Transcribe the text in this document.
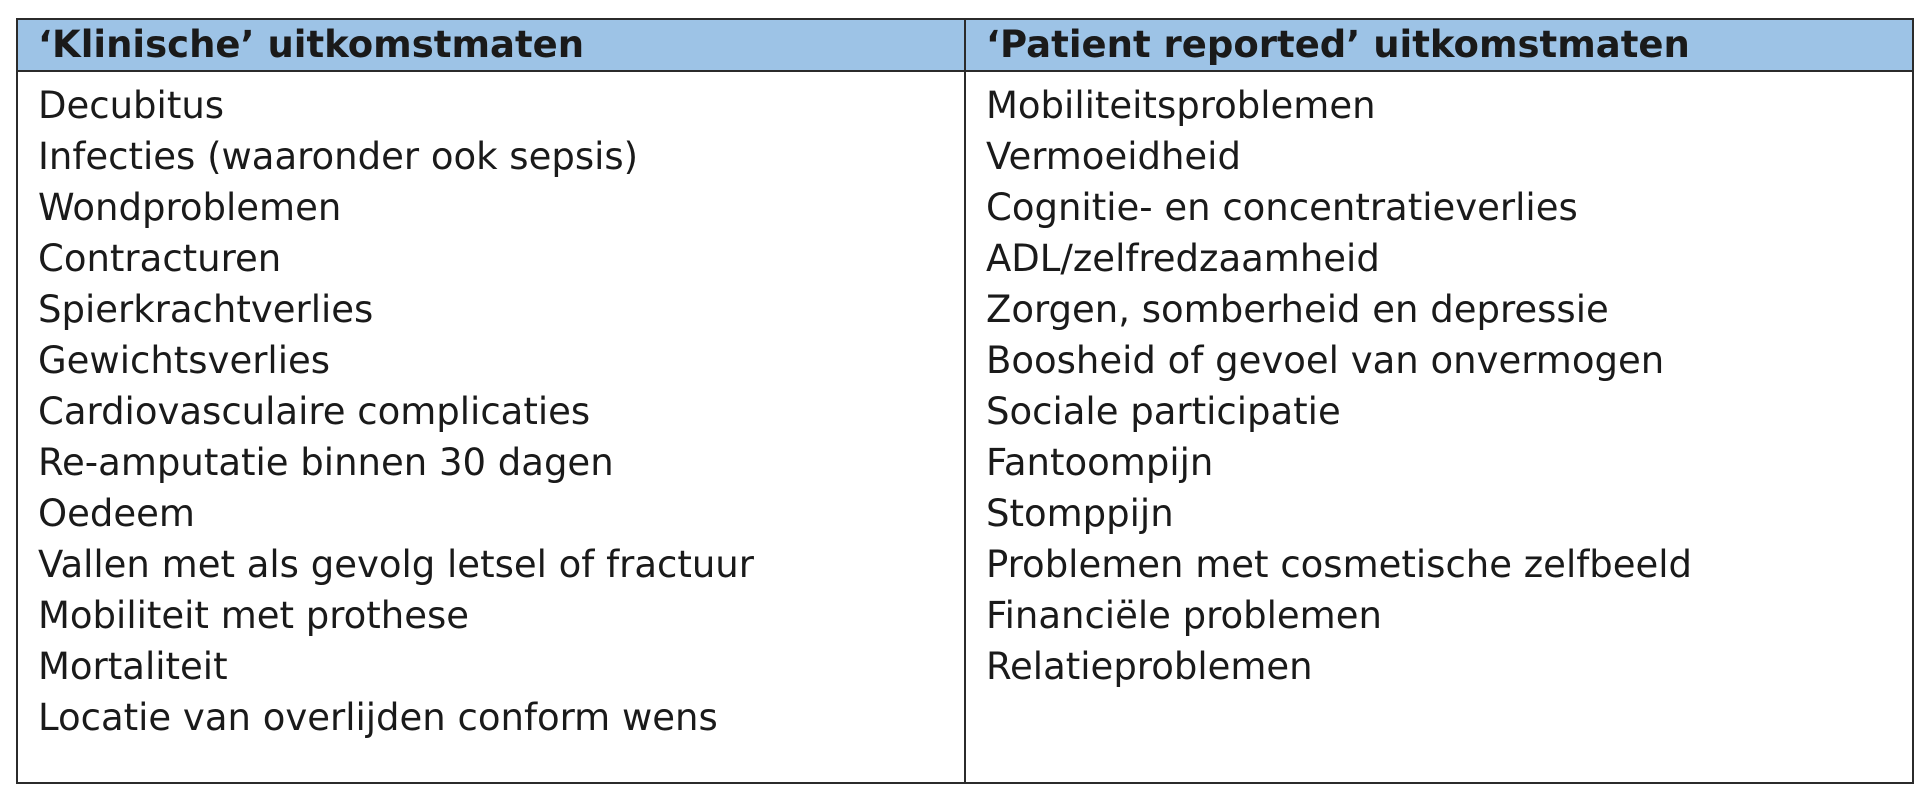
‘Klinische’ uitkomstmaten	‘Patient reported’ uitkomstmaten
Decubitus
Infecties (waaronder ook sepsis)
Wondproblemen
Contracturen
Spierkrachtverlies
Gewichtsverlies
Cardiovasculaire complicaties
Re-amputatie binnen 30 dagen
Oedeem
Vallen met als gevolg letsel of fractuur
Mobiliteit met prothese
Mortaliteit
Locatie van overlijden conform wens
Mobiliteitsproblemen
Vermoeidheid
Cognitie- en concentratieverlies
ADL/zelfredzaamheid
Zorgen, somberheid en depressie
Boosheid of gevoel van onvermogen
Sociale participatie
Fantoompijn
Stomppijn
Problemen met cosmetische zelfbeeld
Financiële problemen
Relatieproblemen
